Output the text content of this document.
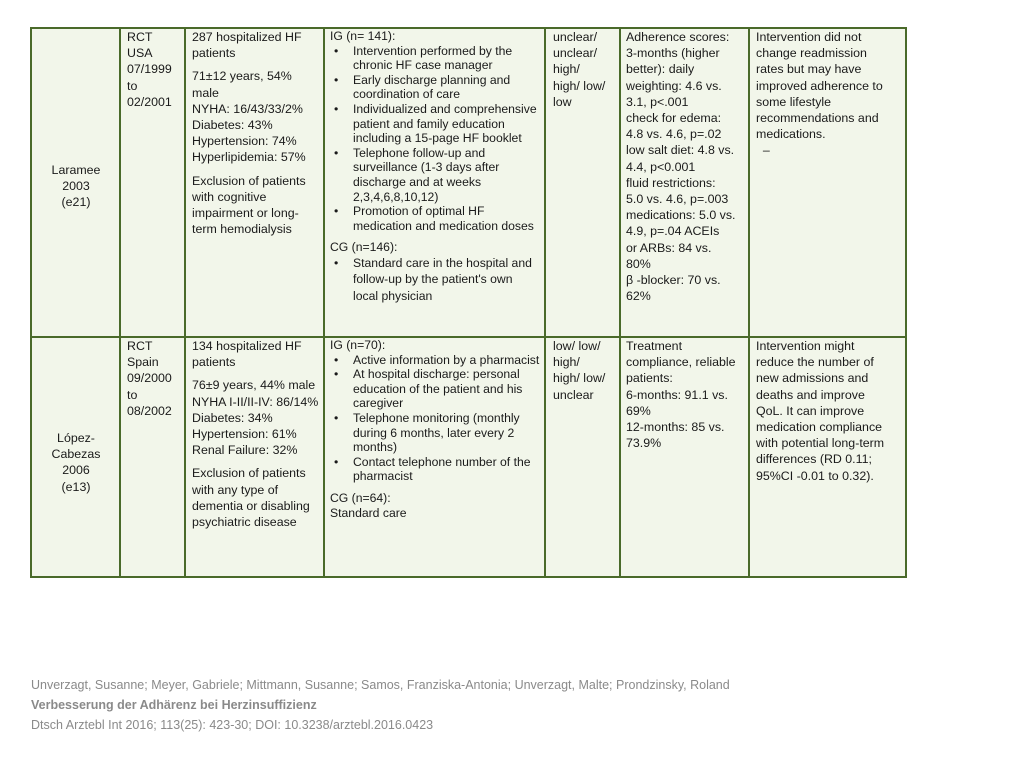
Laramee
2003
(e21)
RCT
USA
07/1999
to
02/2001

287 hospitalized HF patients

71±12 years, 54% male

NYHA: 16/43/33/2%

Diabetes: 43%

Hypertension: 74%

Hyperlipidemia: 57%

Exclusion of patients with cognitive impairment or long-term hemodialysis

IG (n= 141):

• Intervention performed by the chronic HF case manager
• Early discharge planning and coordination of care
• Individualized and comprehensive patient and family education including a 15-page HF booklet
• Telephone follow-up and surveillance (1-3 days after discharge and at weeks 2,3,4,6,8,10,12)
• Promotion of optimal HF medication and medication doses

CG (n=146):

• Standard care in the hospital and follow-up by the patient's own local physician
unclear/
unclear/
high/
high/ low/
low
Adherence scores:
3-months (higher
better): daily
weighting: 4.6 vs.
3.1, p<.001
check for edema:
4.8 vs. 4.6, p=.02
low salt diet: 4.8 vs.
4.4, p<0.001
fluid restrictions:
5.0 vs. 4.6, p=.003
medications: 5.0 vs.
4.9, p=.04 ACEIs
or ARBs: 84 vs.
80%
β -blocker: 70 vs.
62%
Intervention did not
change readmission
rates but may have
improved adherence to
some lifestyle
recommendations and
medications.
–
López-
Cabezas
2006
(e13)
RCT
Spain
09/2000
to
08/2002

134 hospitalized HF patients

76±9 years, 44% male

NYHA I-II/II-IV: 86/14%

Diabetes: 34%

Hypertension: 61%

Renal Failure: 32%

Exclusion of patients with any type of dementia or disabling psychiatric disease

IG (n=70):

• Active information by a pharmacist
• At hospital discharge: personal education of the patient and his caregiver
• Telephone monitoring (monthly during 6 months, later every 2 months)
• Contact telephone number of the pharmacist

CG (n=64):

Standard care

low/ low/
high/
high/ low/
unclear
Treatment
compliance, reliable
patients:
6-months: 91.1 vs.
69%
12-months: 85 vs.
73.9%
Intervention might
reduce the number of
new admissions and
deaths and improve
QoL. It can improve
medication compliance
with potential long-term
differences (RD 0.11;
95%CI -0.01 to 0.32).
Unverzagt, Susanne; Meyer, Gabriele; Mittmann, Susanne; Samos, Franziska-Antonia; Unverzagt, Malte; Prondzinsky, Roland
Verbesserung der Adhärenz bei Herzinsuffizienz
Dtsch Arztebl Int 2016; 113(25): 423-30; DOI: 10.3238/arztebl.2016.0423
